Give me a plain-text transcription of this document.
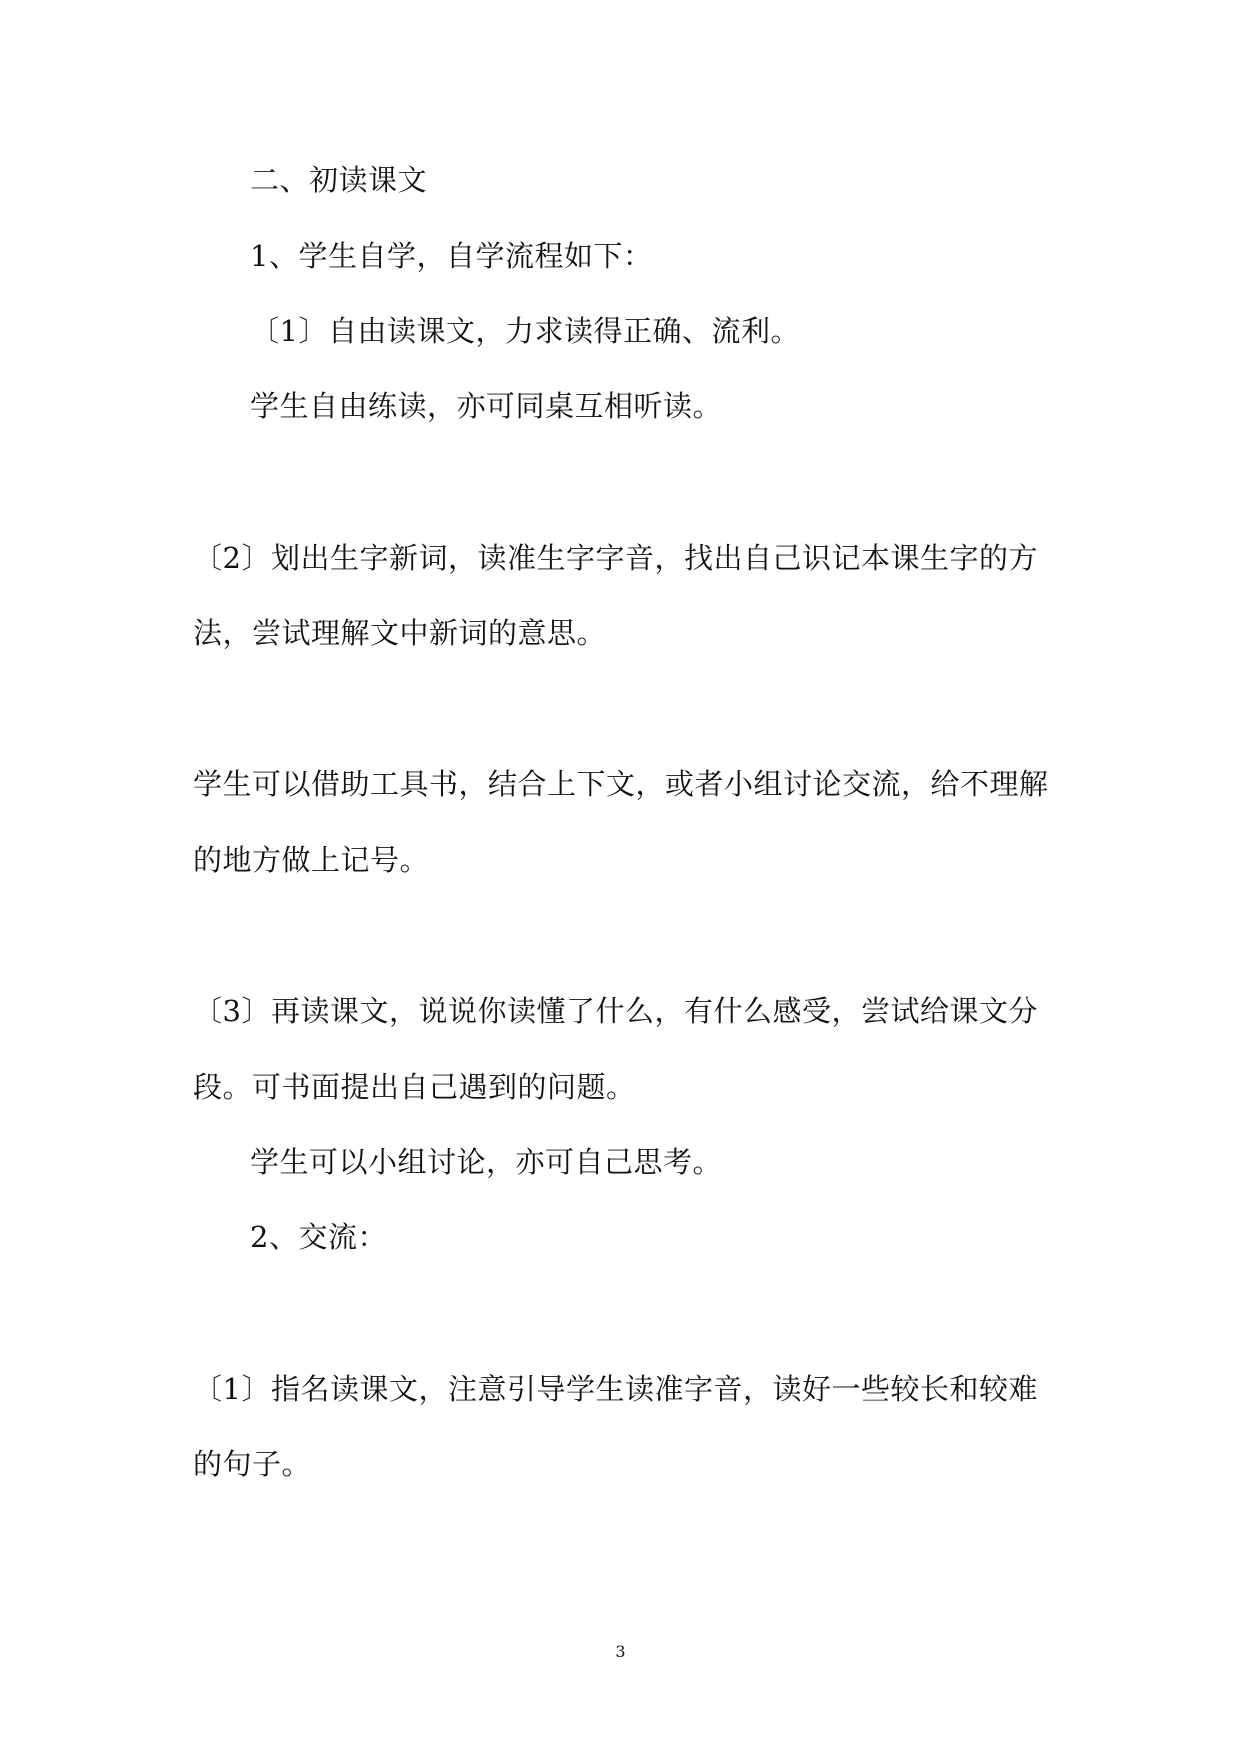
二、初读课文
1、学生自学，自学流程如下：
〔1〕自由读课文，力求读得正确、流利。
学生自由练读，亦可同桌互相听读。
〔2〕划出生字新词，读准生字字音，找出自己识记本课生字的方
法，尝试理解文中新词的意思。
学生可以借助工具书，结合上下文，或者小组讨论交流，给不理解
的地方做上记号。
〔3〕再读课文，说说你读懂了什么，有什么感受，尝试给课文分
段。可书面提出自己遇到的问题。
学生可以小组讨论，亦可自己思考。
2、交流：
〔1〕指名读课文，注意引导学生读准字音，读好一些较长和较难
的句子。
3
